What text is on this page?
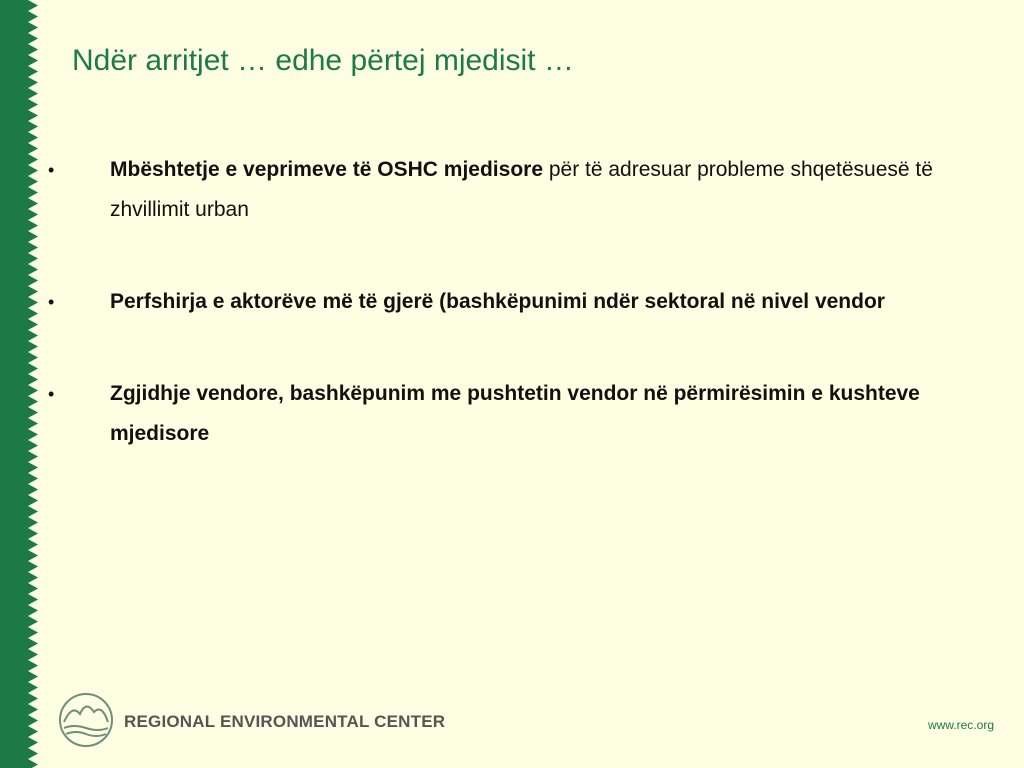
Ndër arritjet … edhe përtej mjedisit …
•	Mbështetje e veprimeve të OSHC mjedisore për të adresuar probleme shqetësuesë të zhvillimit urban
•	Perfshirja e aktorëve më të gjerë (bashkëpunimi ndër sektoral në nivel vendor
•	Zgjidhje vendore, bashkëpunim me pushtetin vendor në përmirësimin e kushteve mjedisore
REGIONAL ENVIRONMENTAL CENTER	www.rec.org
